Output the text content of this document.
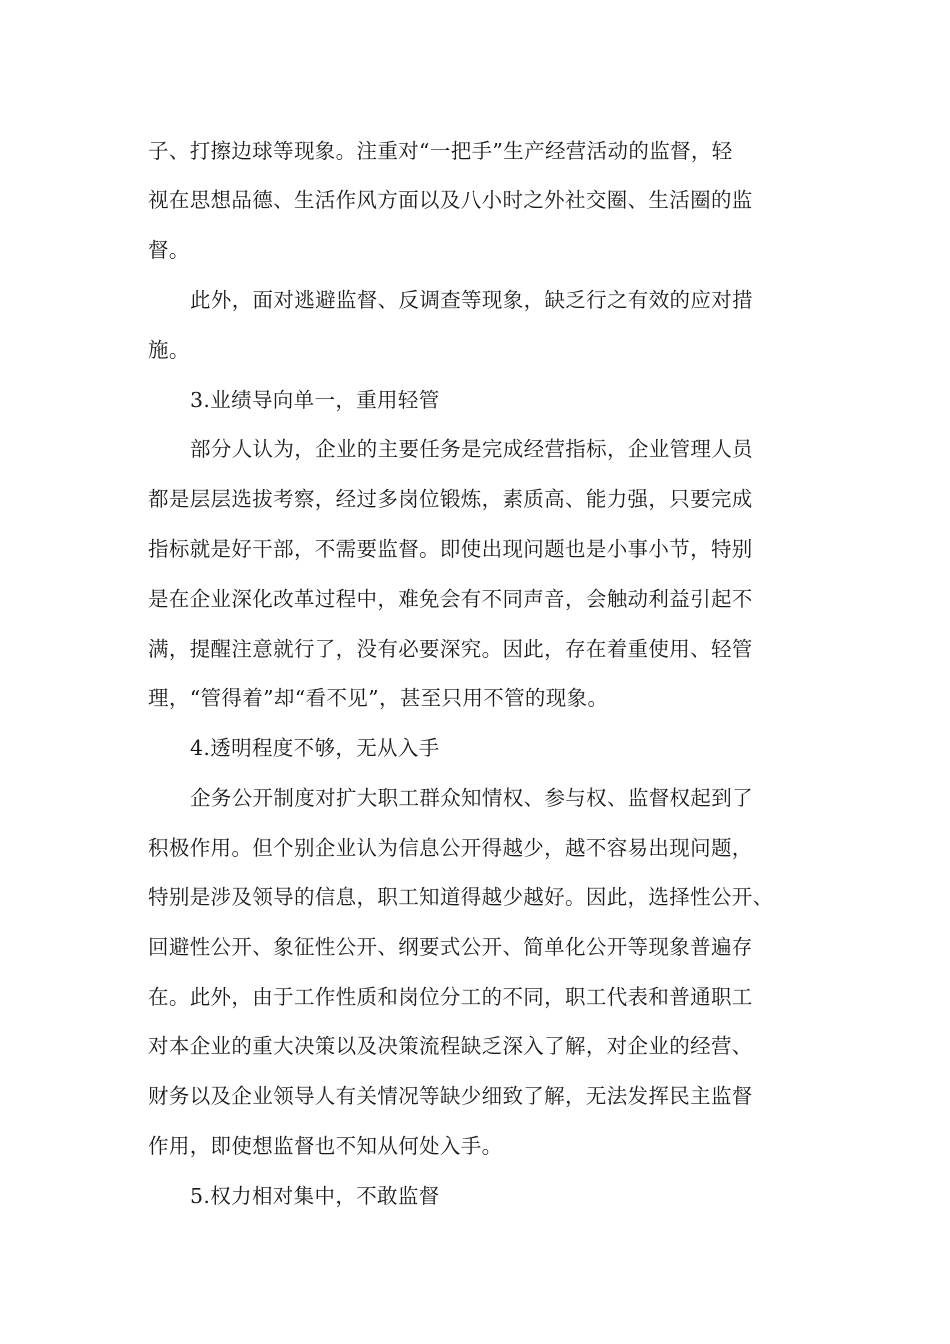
子、打擦边球等现象。注重对“一把手”生产经营活动的监督，轻
视在思想品德、生活作风方面以及八小时之外社交圈、生活圈的监
督。
此外，面对逃避监督、反调查等现象，缺乏行之有效的应对措
施。
3.业绩导向单一，重用轻管
部分人认为，企业的主要任务是完成经营指标，企业管理人员
都是层层选拔考察，经过多岗位锻炼，素质高、能力强，只要完成
指标就是好干部，不需要监督。即使出现问题也是小事小节，特别
是在企业深化改革过程中，难免会有不同声音，会触动利益引起不
满，提醒注意就行了，没有必要深究。因此，存在着重使用、轻管
理，“管得着”却“看不见”，甚至只用不管的现象。
4.透明程度不够，无从入手
企务公开制度对扩大职工群众知情权、参与权、监督权起到了
积极作用。但个别企业认为信息公开得越少，越不容易出现问题，
特别是涉及领导的信息，职工知道得越少越好。因此，选择性公开、
回避性公开、象征性公开、纲要式公开、简单化公开等现象普遍存
在。此外，由于工作性质和岗位分工的不同，职工代表和普通职工
对本企业的重大决策以及决策流程缺乏深入了解，对企业的经营、
财务以及企业领导人有关情况等缺少细致了解，无法发挥民主监督
作用，即使想监督也不知从何处入手。
5.权力相对集中，不敢监督
